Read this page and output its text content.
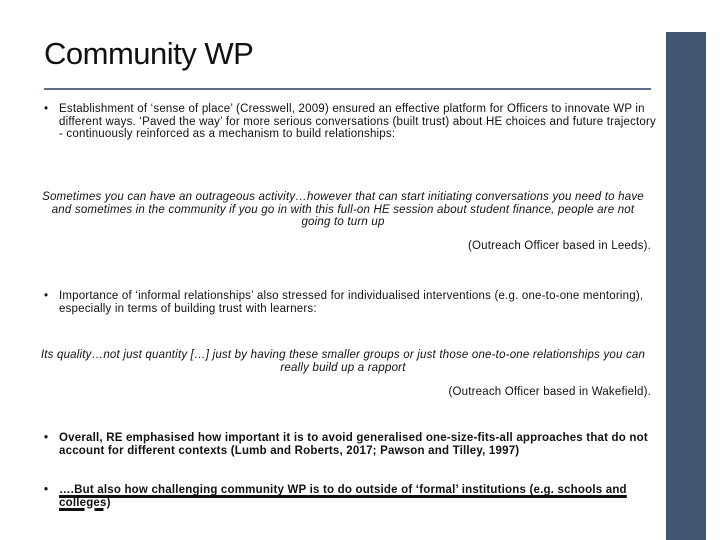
Community WP
• Establishment of ‘sense of place’ (Cresswell, 2009) ensured an effective platform for Officers to innovate WP in different ways. ‘Paved the way’ for more serious conversations (built trust) about HE choices and future trajectory - continuously reinforced as a mechanism to build relationships:
Sometimes you can have an outrageous activity…however that can start initiating conversations you need to have and sometimes in the community if you go in with this full-on HE session about student finance, people are not going to turn up
(Outreach Officer based in Leeds).
• Importance of ‘informal relationships’ also stressed for individualised interventions (e.g. one-to-one mentoring), especially in terms of building trust with learners:
Its quality…not just quantity […] just by having these smaller groups or just those one-to-one relationships you can really build up a rapport
(Outreach Officer based in Wakefield).
• Overall, RE emphasised how important it is to avoid generalised one-size-fits-all approaches that do not account for different contexts (Lumb and Roberts, 2017; Pawson and Tilley, 1997)
• ….But also how challenging community WP is to do outside of ‘formal’ institutions (e.g. schools and colleges)
